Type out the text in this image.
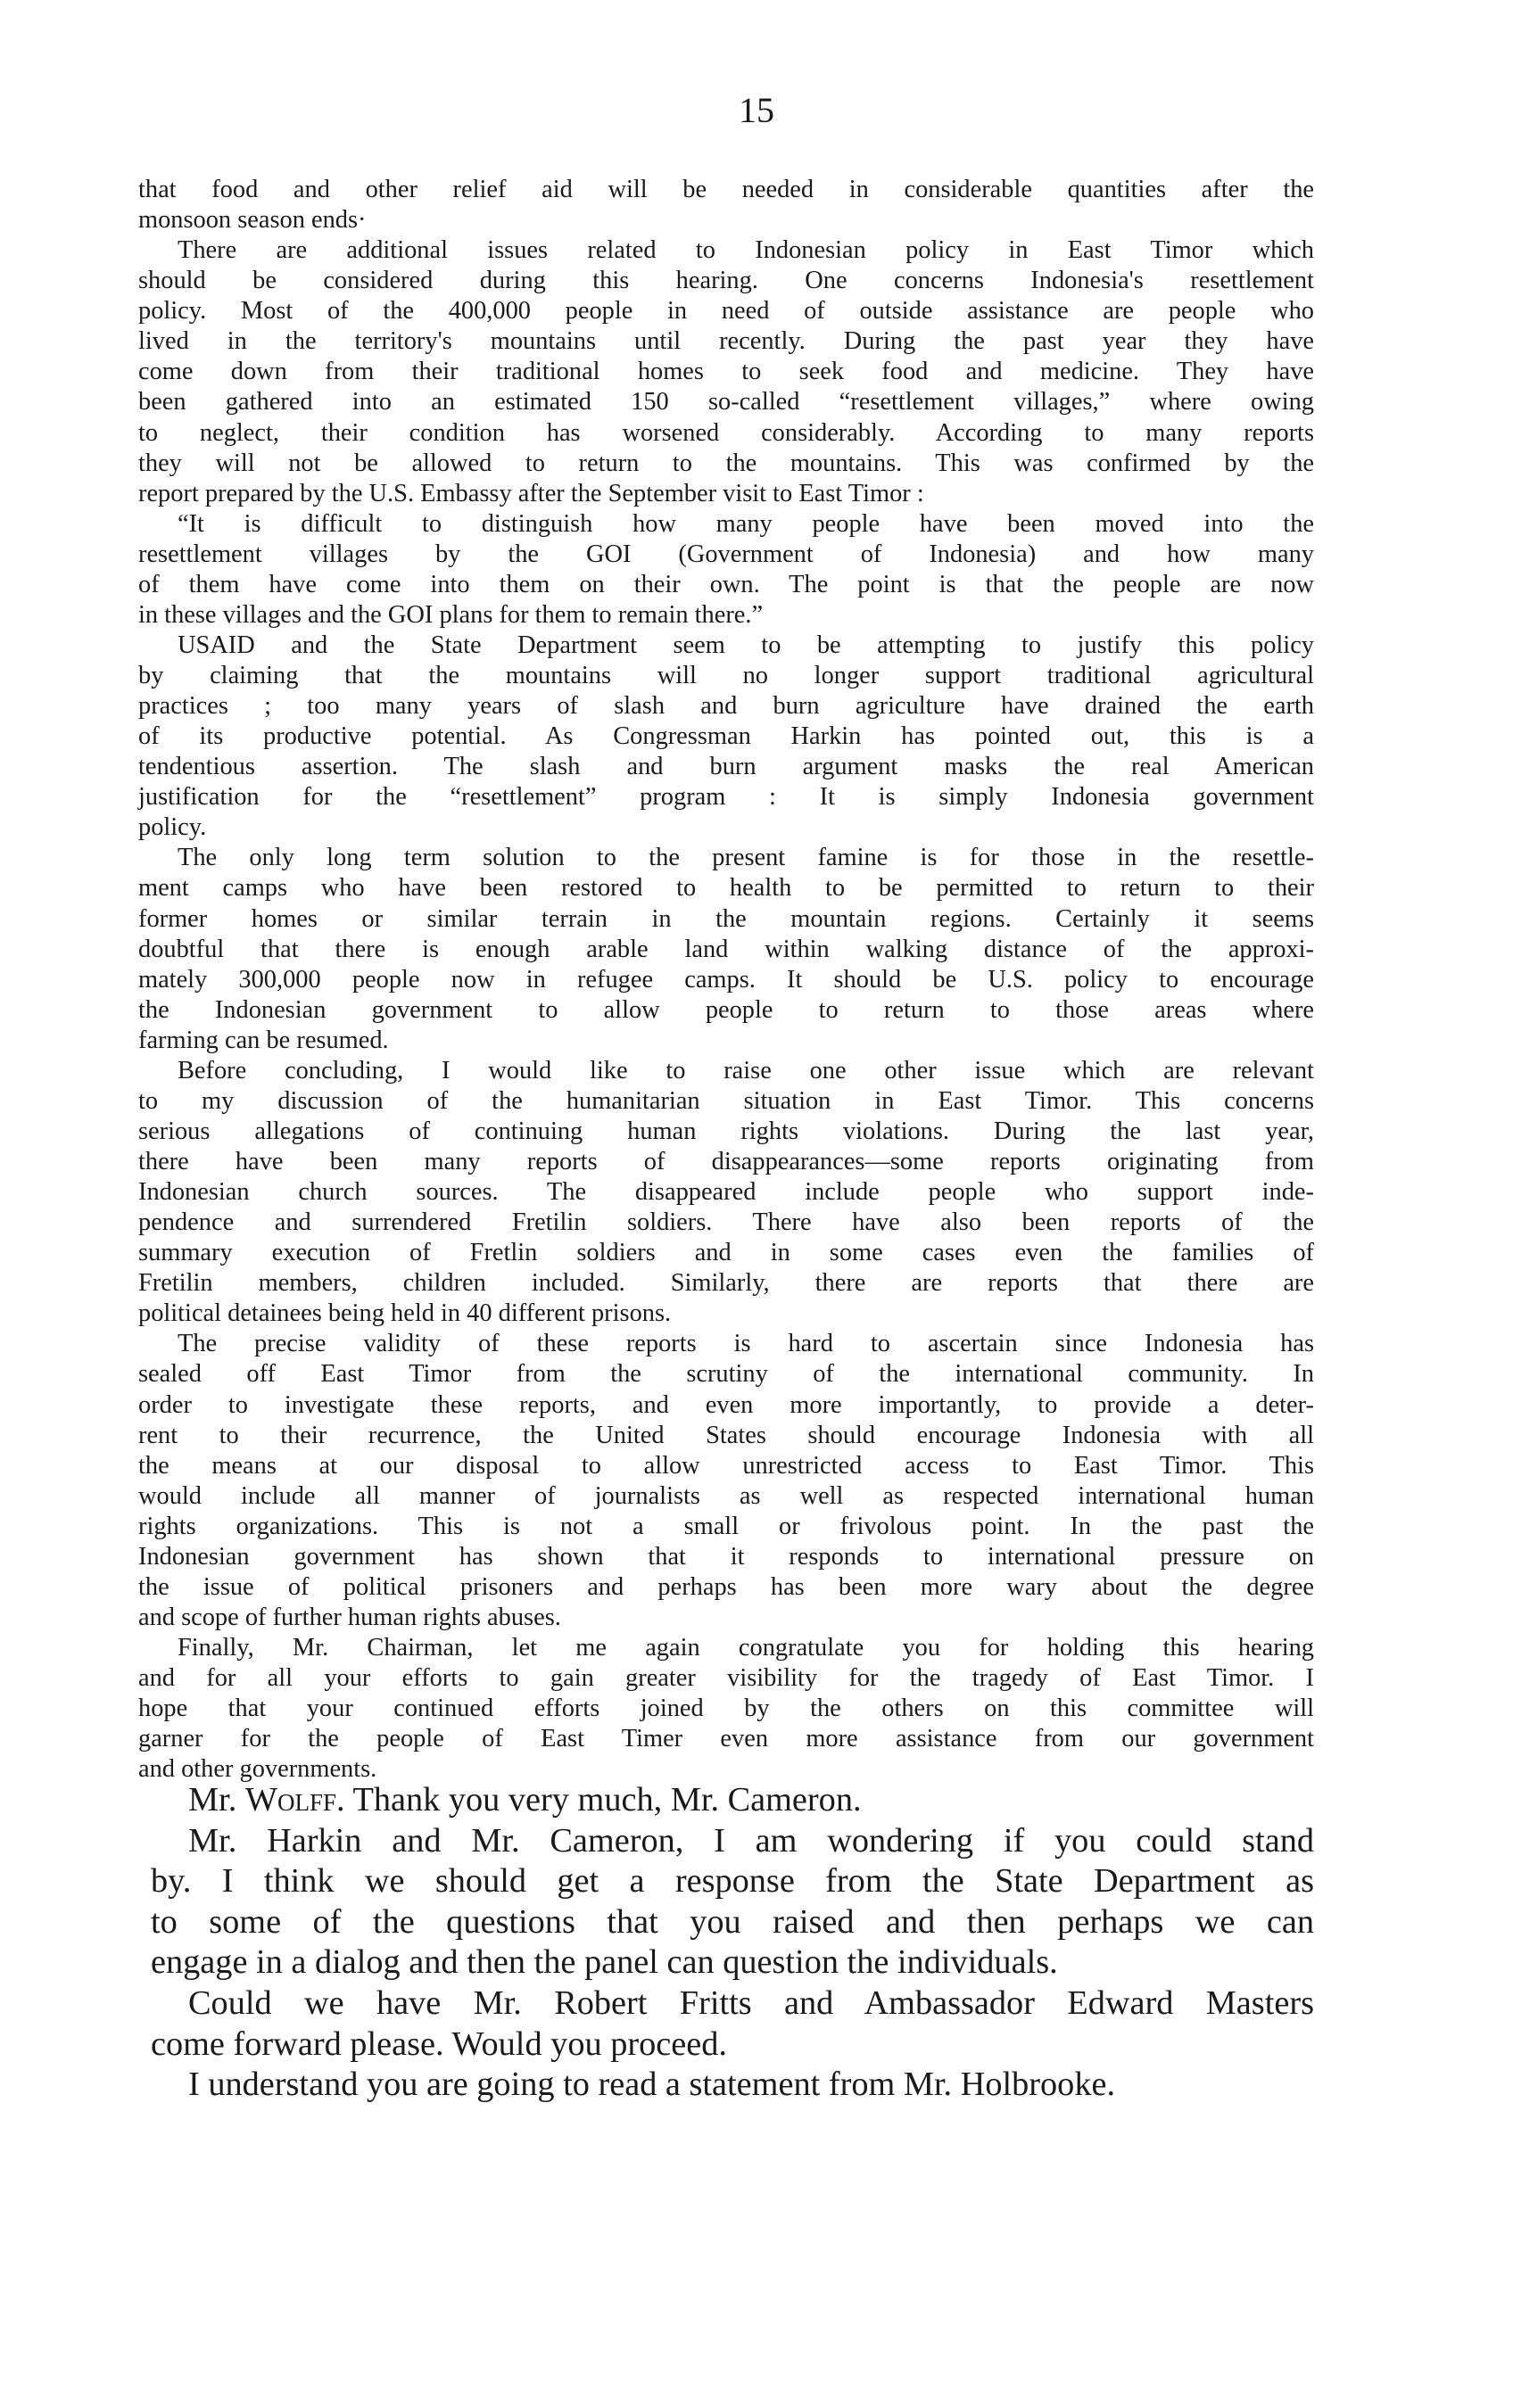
15

that food and other relief aid will be needed in considerable quantities after the
monsoon season ends·

There are additional issues related to Indonesian policy in East Timor which
should be considered during this hearing. One concerns Indonesia's resettlement
policy. Most of the 400,000 people in need of outside assistance are people who
lived in the territory's mountains until recently. During the past year they have
come down from their traditional homes to seek food and medicine. They have
been gathered into an estimated 150 so-called “resettlement villages,” where owing
to neglect, their condition has worsened considerably. According to many reports
they will not be allowed to return to the mountains. This was confirmed by the
report prepared by the U.S. Embassy after the September visit to East Timor :

“It is difficult to distinguish how many people have been moved into the
resettlement villages by the GOI (Government of Indonesia) and how many
of them have come into them on their own. The point is that the people are now
in these villages and the GOI plans for them to remain there.”

USAID and the State Department seem to be attempting to justify this policy
by claiming that the mountains will no longer support traditional agricultural
practices ; too many years of slash and burn agriculture have drained the earth
of its productive potential. As Congressman Harkin has pointed out, this is a
tendentious assertion. The slash and burn argument masks the real American
justification for the “resettlement” program : It is simply Indonesia government
policy.

The only long term solution to the present famine is for those in the resettle-
ment camps who have been restored to health to be permitted to return to their
former homes or similar terrain in the mountain regions. Certainly it seems
doubtful that there is enough arable land within walking distance of the approxi-
mately 300,000 people now in refugee camps. It should be U.S. policy to encourage
the Indonesian government to allow people to return to those areas where
farming can be resumed.

Before concluding, I would like to raise one other issue which are relevant
to my discussion of the humanitarian situation in East Timor. This concerns
serious allegations of continuing human rights violations. During the last year,
there have been many reports of disappearances—some reports originating from
Indonesian church sources. The disappeared include people who support inde-
pendence and surrendered Fretilin soldiers. There have also been reports of the
summary execution of Fretlin soldiers and in some cases even the families of
Fretilin members, children included. Similarly, there are reports that there are
political detainees being held in 40 different prisons.

The precise validity of these reports is hard to ascertain since Indonesia has
sealed off East Timor from the scrutiny of the international community. In
order to investigate these reports, and even more importantly, to provide a deter-
rent to their recurrence, the United States should encourage Indonesia with all
the means at our disposal to allow unrestricted access to East Timor. This
would include all manner of journalists as well as respected international human
rights organizations. This is not a small or frivolous point. In the past the
Indonesian government has shown that it responds to international pressure on
the issue of political prisoners and perhaps has been more wary about the degree
and scope of further human rights abuses.

Finally, Mr. Chairman, let me again congratulate you for holding this hearing
and for all your efforts to gain greater visibility for the tragedy of East Timor. I
hope that your continued efforts joined by the others on this committee will
garner for the people of East Timer even more assistance from our government
and other governments.

Mr. Wolff. Thank you very much, Mr. Cameron.

Mr. Harkin and Mr. Cameron, I am wondering if you could stand
by. I think we should get a response from the State Department as
to some of the questions that you raised and then perhaps we can
engage in a dialog and then the panel can question the individuals.

Could we have Mr. Robert Fritts and Ambassador Edward Masters
come forward please. Would you proceed.

I understand you are going to read a statement from Mr. Holbrooke.
